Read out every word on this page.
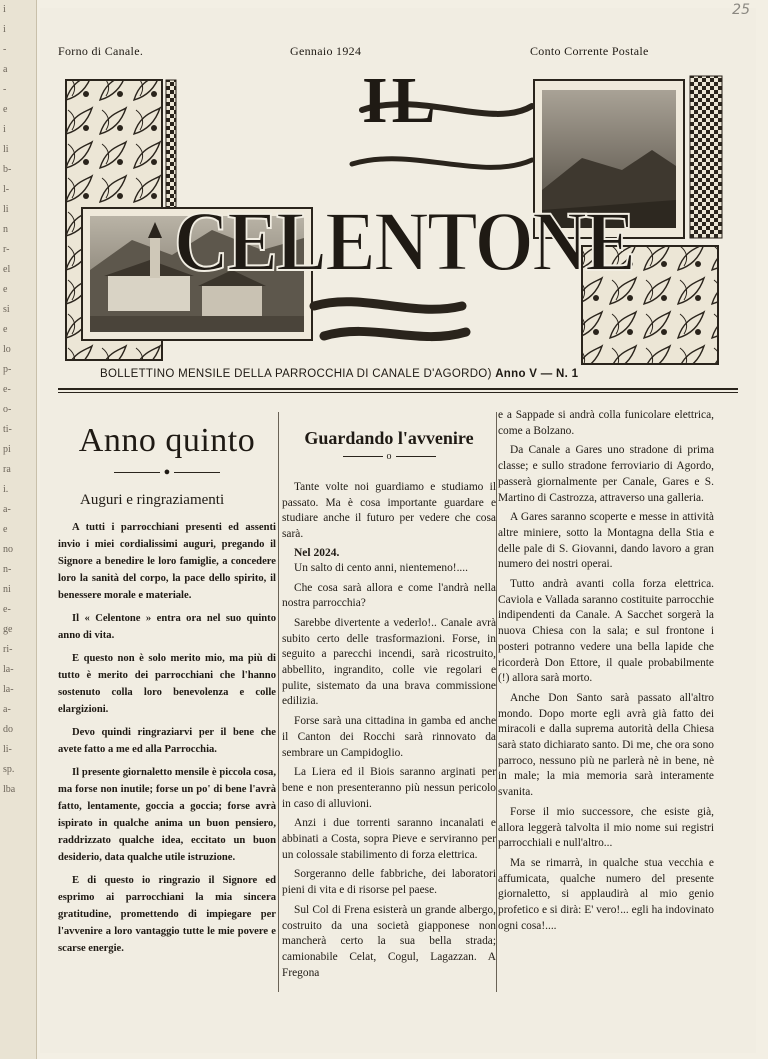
i
i
-
a
-
e
i
li
b-
l-
li
n
r-
el
e
si
e
lo
p-
e-
o-
ti-
pi
ra
i.
a-
e
no
n-
ni
e-
ge
ri-
la-
la-
a-
do
li-
sp.
lba
25
Forno di Canale.	Gennaio 1924	Conto Corrente Postale
IL
CELENTONE
BOLLETTINO MENSILE DELLA PARROCCHIA DI CANALE D'AGORDO) Anno V — N. 1
Anno quinto
●
Auguri e ringraziamenti

A tutti i parrocchiani presenti ed assenti invio i miei cordialissimi auguri, pregando il Signore a benedire le loro famiglie, a concedere loro la sanità del corpo, la pace dello spirito, il benessere morale e materiale.

Il « Celentone » entra ora nel suo quinto anno di vita.

E questo non è solo merito mio, ma più di tutto è merito dei parrocchiani che l'hanno sostenuto colla loro benevolenza e colle elargizioni.

Devo quindi ringraziarvi per il bene che avete fatto a me ed alla Parrocchia.

Il presente giornaletto mensile è piccola cosa, ma forse non inutile; forse un po' di bene l'avrà fatto, lentamente, goccia a goccia; forse avrà ispirato in qualche anima un buon pensiero, raddrizzato qualche idea, eccitato un buon desiderio, data qualche utile istruzione.

E di questo io ringrazio il Signore ed esprimo ai parrocchiani la mia sincera gratitudine, promettendo di impiegare per l'avvenire a loro vantaggio tutte le mie povere e scarse energie.

Guardando l'avvenire
o

Tante volte noi guardiamo e studiamo il passato. Ma è cosa importante guardare e studiare anche il futuro per vedere che cosa sarà.

Nel 2024.

Un salto di cento anni, nientemeno!....

Che cosa sarà allora e come l'andrà nella nostra parrocchia?

Sarebbe divertente a vederlo!.. Canale avrà subito certo delle trasformazioni. Forse, in seguito a parecchi incendi, sarà ricostruito, abbellito, ingrandito, colle vie regolari e pulite, sistemato da una brava commissione edilizia.

Forse sarà una cittadina in gamba ed anche il Canton dei Rocchi sarà rinnovato da sembrare un Campidoglio.

La Liera ed il Biois saranno arginati per bene e non presenteranno più nessun pericolo in caso di alluvioni.

Anzi i due torrenti saranno incanalati e abbinati a Costa, sopra Pieve e serviranno per un colossale stabilimento di forza elettrica.

Sorgeranno delle fabbriche, dei laboratori pieni di vita e di risorse pel paese.

Sul Col di Frena esisterà un grande albergo, costruito da una società giapponese non mancherà certo la sua bella strada; camionabile Celat, Cogul, Lagazzan. A Fregona

e a Sappade si andrà colla funicolare elettrica, come a Bolzano.

Da Canale a Gares uno stradone di prima classe; e sullo stradone ferroviario di Agordo, passerà giornalmente per Canale, Gares e S. Martino di Castrozza, attraverso una galleria.

A Gares saranno scoperte e messe in attività altre miniere, sotto la Montagna della Stia e delle pale di S. Giovanni, dando lavoro a gran numero dei nostri operai.

Tutto andrà avanti colla forza elettrica. Caviola e Vallada saranno costituite parrocchie indipendenti da Canale. A Sacchet sorgerà la nuova Chiesa con la sala; e sul frontone i posteri potranno vedere una bella lapide che ricorderà Don Ettore, il quale probabilmente (!) allora sarà morto.

Anche Don Santo sarà passato all'altro mondo. Dopo morte egli avrà già fatto dei miracoli e dalla suprema autorità della Chiesa sarà stato dichiarato santo. Di me, che ora sono parroco, nessuno più ne parlerà nè in bene, nè in male; la mia memoria sarà interamente svanita.

Forse il mio successore, che esiste già, allora leggerà talvolta il mio nome sui registri parrocchiali e null'altro...

Ma se rimarrà, in qualche stua vecchia e affumicata, qualche numero del presente giornaletto, si applaudirà al mio genio profetico e si dirà: E' vero!... egli ha indovinato ogni cosa!....
